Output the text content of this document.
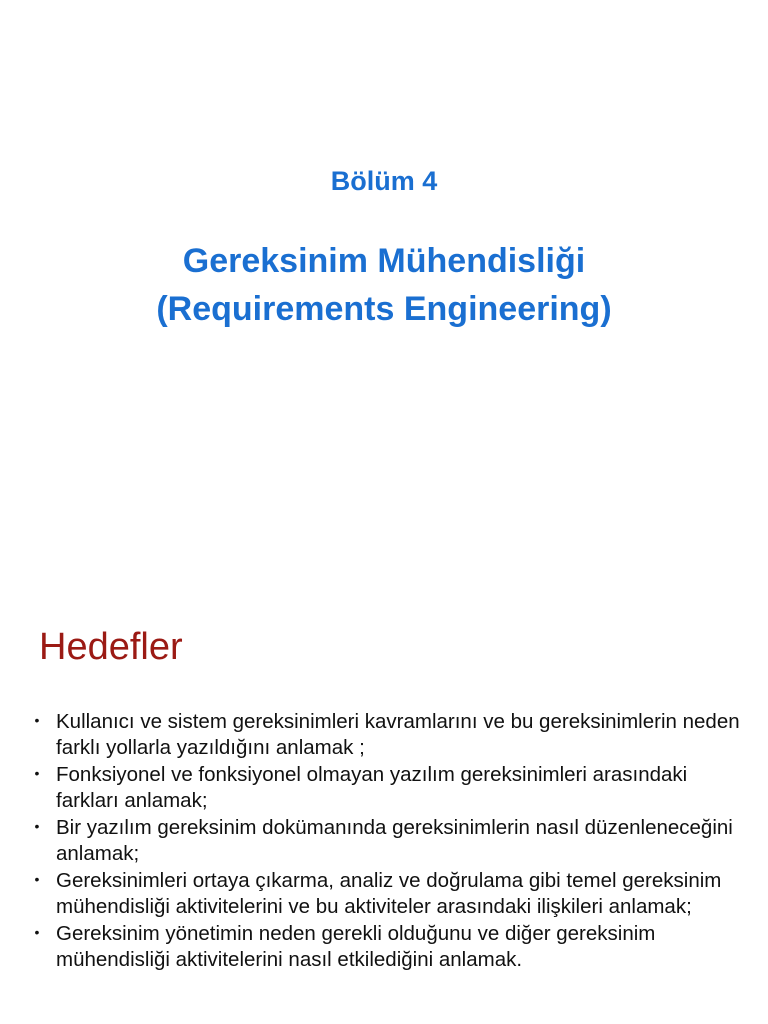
Bölüm 4
Gereksinim Mühendisliği
(Requirements Engineering)
Hedefler
• Kullanıcı ve sistem gereksinimleri kavramlarını ve bu gereksinimlerin neden farklı yollarla yazıldığını anlamak ;
• Fonksiyonel ve fonksiyonel olmayan yazılım gereksinimleri arasındaki farkları anlamak;
• Bir yazılım gereksinim dokümanında gereksinimlerin nasıl düzenleneceğini anlamak;
• Gereksinimleri ortaya çıkarma, analiz ve doğrulama gibi temel gereksinim mühendisliği aktivitelerini ve bu aktiviteler arasındaki ilişkileri anlamak;
• Gereksinim yönetimin neden gerekli olduğunu ve diğer gereksinim mühendisliği aktivitelerini nasıl etkilediğini anlamak.
